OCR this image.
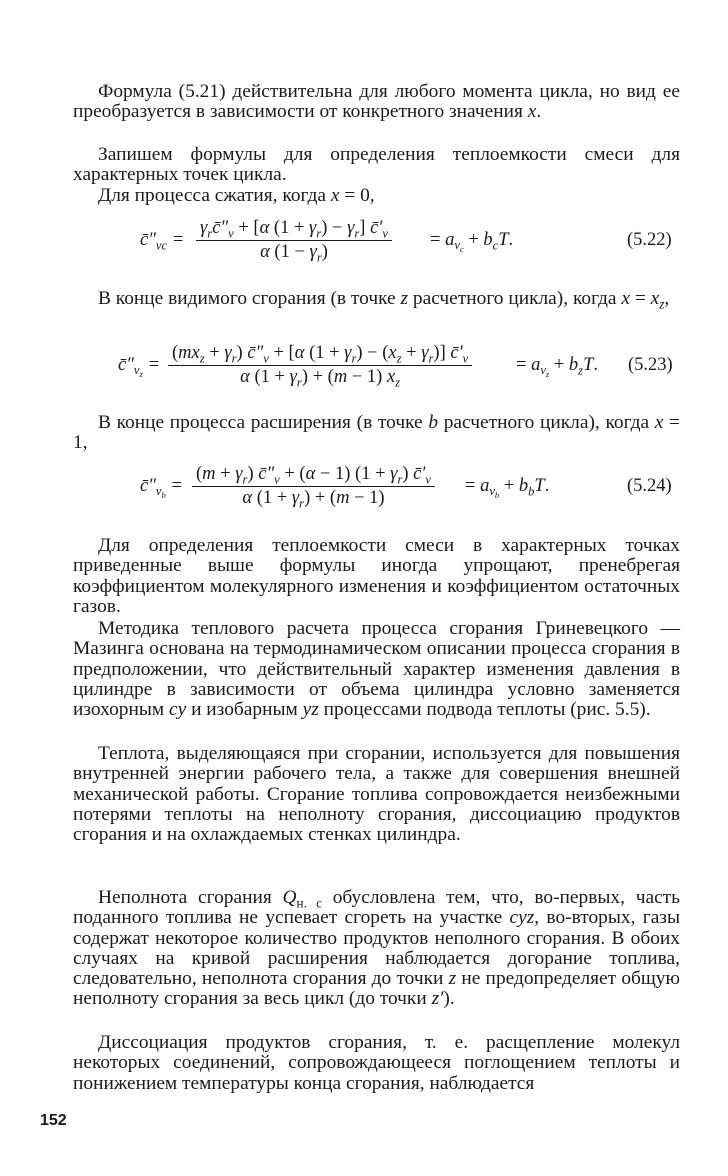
Формула (5.21) действительна для любого момента цикла, но вид ее преобразуется в зависимости от конкретного значения x.

Запишем формулы для определения теплоемкости смеси для характерных точек цикла.

Для процесса сжатия, когда x = 0,

$c̄''_{vc}$ =
$\gamma_rc̄''_v + [\alpha$ $(1 + \gamma_r) - \gamma_r$] $c̄'_v$
α $(1 - \gamma_r)$
= $a_{v_c} + b_cT$.	(5.22)

В конце видимого сгорания (в точке z расчетного цикла), когда $x = x_z$,

$c̄''_{v_z}$ =
$(mx_z + \gamma_r)$ $c̄''_v + [\alpha$ $(1 + \gamma_r) - (x_z + \gamma_r)$] $c̄'_v$
α $(1 + \gamma_r) + (m - 1)$ $x_z$
= $a_{v_z} + b_zT$. (5.23)

В конце процесса расширения (в точке b расчетного цикла), когда x = 1,

$c̄''_{v_b}$ =
$(m + \gamma_r)$ $c̄''_v + (\alpha - 1) (1 + \gamma_r)$ $c̄'_v$
α $(1 + \gamma_r) + (m - 1)$
= $a_{v_b} + b_bT$.	(5.24)

Для определения теплоемкости смеси в характерных точках приведенные выше формулы иногда упрощают, пренебрегая коэффициентом молекулярного изменения и коэффициентом остаточных газов.

Методика теплового расчета процесса сгорания Гриневецкого — Мазинга основана на термодинамическом описании процесса сгорания в предположении, что действительный характер изменения давления в цилиндре в зависимости от объема цилиндра условно заменяется изохорным cy и изобарным yz процессами подвода теплоты (рис. 5.5).

Теплота, выделяющаяся при сгорании, используется для повышения внутренней энергии рабочего тела, а также для совершения внешней механической работы. Сгорание топлива сопровождается неизбежными потерями теплоты на неполноту сгорания, диссоциацию продуктов сгорания и на охлаждаемых стенках цилиндра.

Неполнота сгорания $Q_{н. с}$ обусловлена тем, что, во-первых, часть поданного топлива не успевает сгореть на участке cyz, во-вторых, газы содержат некоторое количество продуктов неполного сгорания. В обоих случаях на кривой расширения наблюдается догорание топлива, следовательно, неполнота сгорания до точки z не предопределяет общую неполноту сгорания за весь цикл (до точки z′).

Диссоциация продуктов сгорания, т. е. расщепление молекул некоторых соединений, сопровождающееся поглощением теплоты и понижением температуры конца сгорания, наблюдается

152
